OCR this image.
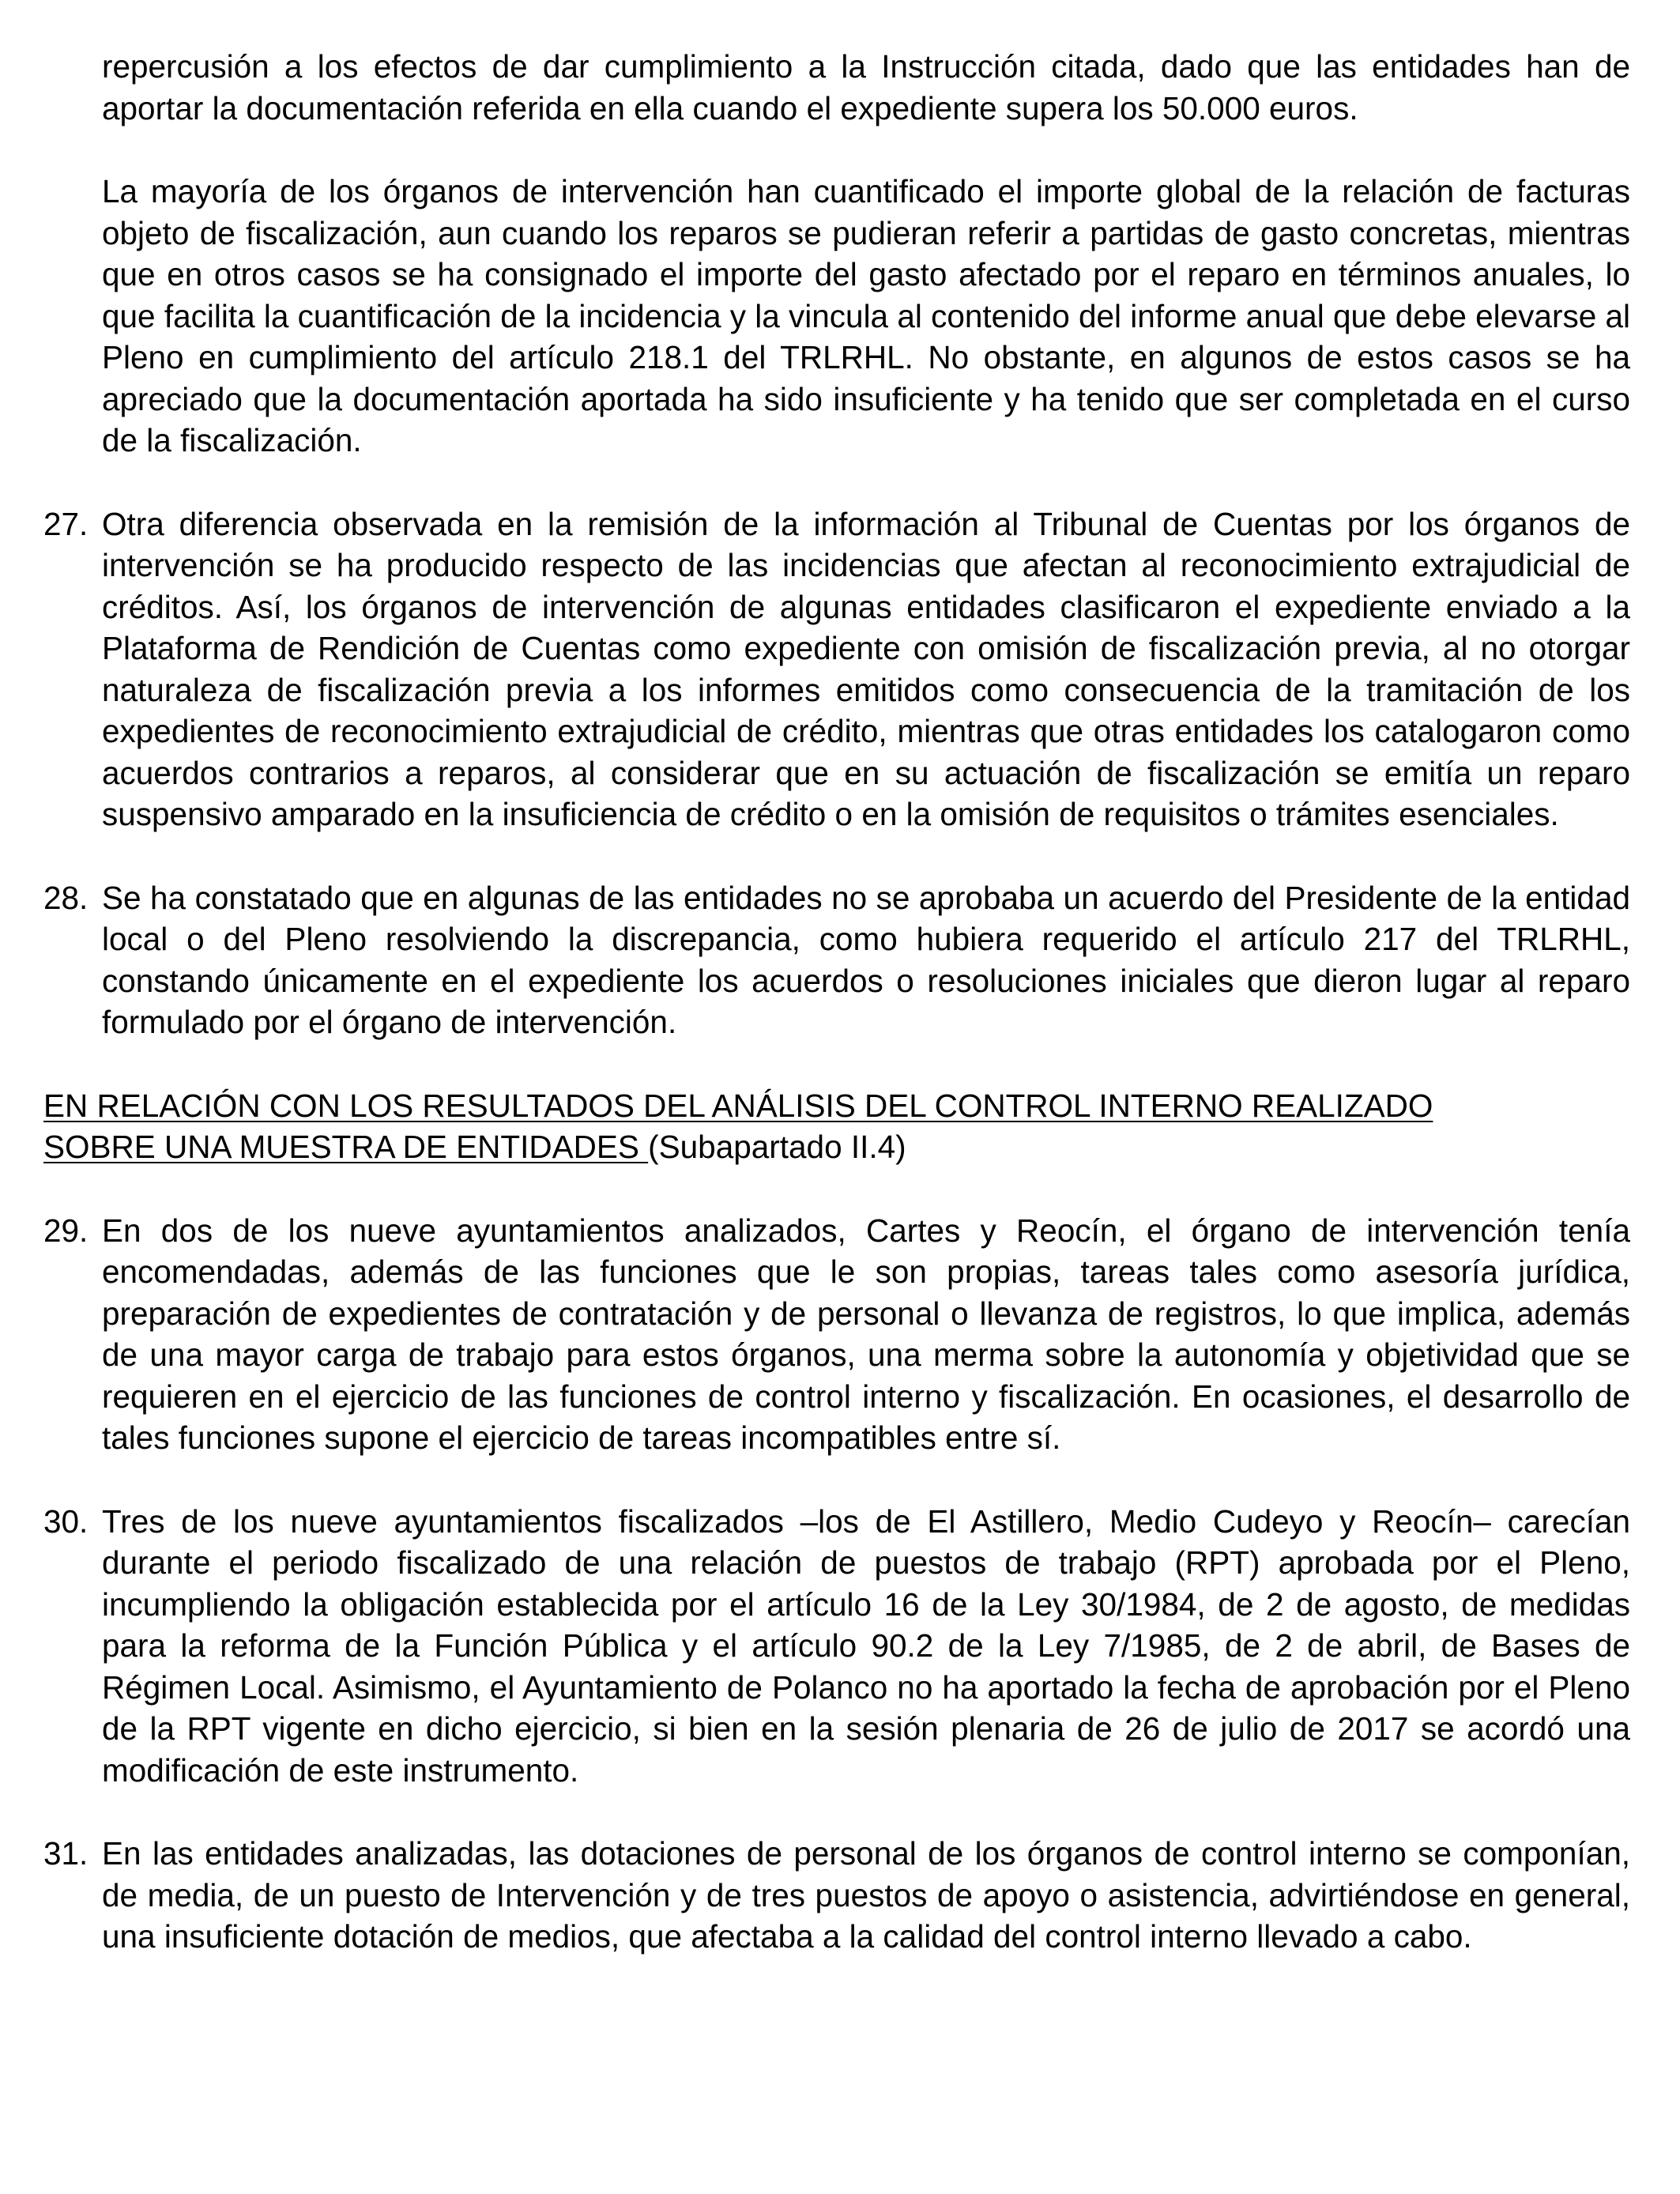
repercusión a los efectos de dar cumplimiento a la Instrucción citada, dado que las entidades han de aportar la documentación referida en ella cuando el expediente supera los 50.000 euros.

La mayoría de los órganos de intervención han cuantificado el importe global de la relación de facturas objeto de fiscalización, aun cuando los reparos se pudieran referir a partidas de gasto concretas, mientras que en otros casos se ha consignado el importe del gasto afectado por el reparo en términos anuales, lo que facilita la cuantificación de la incidencia y la vincula al contenido del informe anual que debe elevarse al Pleno en cumplimiento del artículo 218.1 del TRLRHL. No obstante, en algunos de estos casos se ha apreciado que la documentación aportada ha sido insuficiente y ha tenido que ser completada en el curso de la fiscalización.

27. Otra diferencia observada en la remisión de la información al Tribunal de Cuentas por los órganos de intervención se ha producido respecto de las incidencias que afectan al reconocimiento extrajudicial de créditos. Así, los órganos de intervención de algunas entidades clasificaron el expediente enviado a la Plataforma de Rendición de Cuentas como expediente con omisión de fiscalización previa, al no otorgar naturaleza de fiscalización previa a los informes emitidos como consecuencia de la tramitación de los expedientes de reconocimiento extrajudicial de crédito, mientras que otras entidades los catalogaron como acuerdos contrarios a reparos, al considerar que en su actuación de fiscalización se emitía un reparo suspensivo amparado en la insuficiencia de crédito o en la omisión de requisitos o trámites esenciales.
28. Se ha constatado que en algunas de las entidades no se aprobaba un acuerdo del Presidente de la entidad local o del Pleno resolviendo la discrepancia, como hubiera requerido el artículo 217 del TRLRHL, constando únicamente en el expediente los acuerdos o resoluciones iniciales que dieron lugar al reparo formulado por el órgano de intervención.
EN RELACIÓN CON LOS RESULTADOS DEL ANÁLISIS DEL CONTROL INTERNO REALIZADO
SOBRE UNA MUESTRA DE ENTIDADES (Subapartado II.4)
29. En dos de los nueve ayuntamientos analizados, Cartes y Reocín, el órgano de intervención tenía encomendadas, además de las funciones que le son propias, tareas tales como asesoría jurídica, preparación de expedientes de contratación y de personal o llevanza de registros, lo que implica, además de una mayor carga de trabajo para estos órganos, una merma sobre la autonomía y objetividad que se requieren en el ejercicio de las funciones de control interno y fiscalización. En ocasiones, el desarrollo de tales funciones supone el ejercicio de tareas incompatibles entre sí.
30. Tres de los nueve ayuntamientos fiscalizados –los de El Astillero, Medio Cudeyo y Reocín– carecían durante el periodo fiscalizado de una relación de puestos de trabajo (RPT) aprobada por el Pleno, incumpliendo la obligación establecida por el artículo 16 de la Ley 30/1984, de 2 de agosto, de medidas para la reforma de la Función Pública y el artículo 90.2 de la Ley 7/1985, de 2 de abril, de Bases de Régimen Local. Asimismo, el Ayuntamiento de Polanco no ha aportado la fecha de aprobación por el Pleno de la RPT vigente en dicho ejercicio, si bien en la sesión plenaria de 26 de julio de 2017 se acordó una modificación de este instrumento.
31. En las entidades analizadas, las dotaciones de personal de los órganos de control interno se componían, de media, de un puesto de Intervención y de tres puestos de apoyo o asistencia, advirtiéndose en general, una insuficiente dotación de medios, que afectaba a la calidad del control interno llevado a cabo.
